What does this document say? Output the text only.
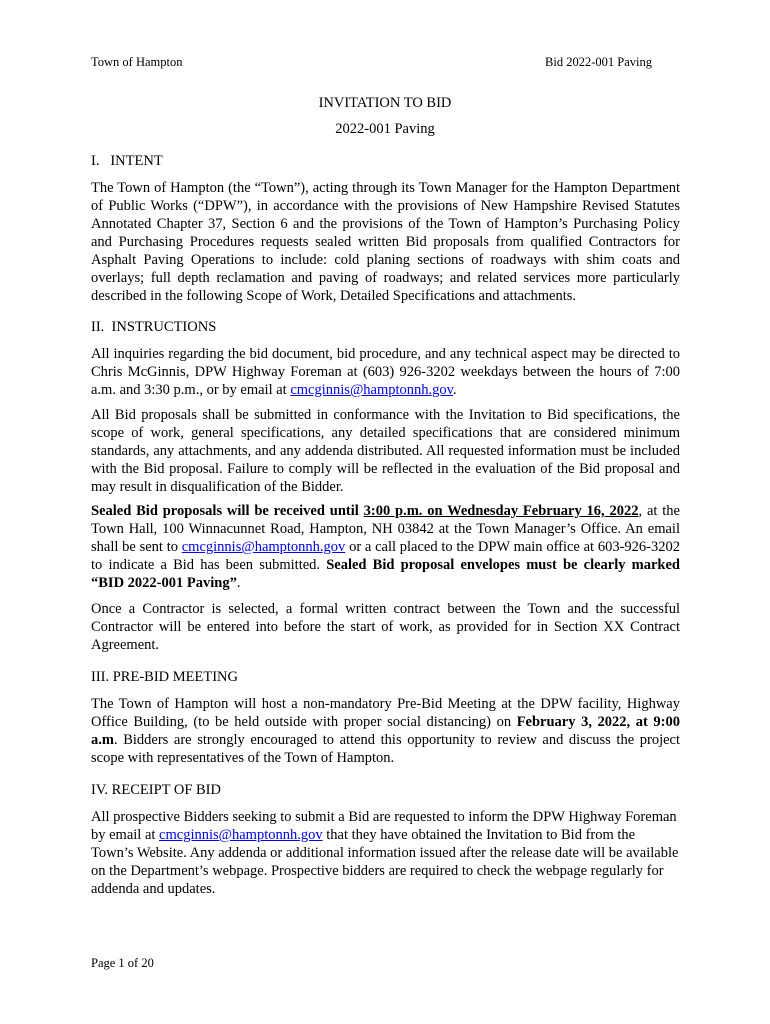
Town of Hampton	Bid 2022-001 Paving
INVITATION TO BID
2022-001 Paving
I.   INTENT

The Town of Hampton (the “Town”), acting through its Town Manager for the Hampton Department of Public Works (“DPW”), in accordance with the provisions of New Hampshire Revised Statutes Annotated Chapter 37, Section 6 and the provisions of the Town of Hampton’s Purchasing Policy and Purchasing Procedures requests sealed written Bid proposals from qualified Contractors for Asphalt Paving Operations to include: cold planing sections of roadways with shim coats and overlays; full depth reclamation and paving of roadways; and related services more particularly described in the following Scope of Work, Detailed Specifications and attachments.

II.  INSTRUCTIONS

All inquiries regarding the bid document, bid procedure, and any technical aspect may be directed to Chris McGinnis, DPW Highway Foreman at (603) 926-3202 weekdays between the hours of 7:00 a.m. and 3:30 p.m., or by email at cmcginnis@hamptonnh.gov.

All Bid proposals shall be submitted in conformance with the Invitation to Bid specifications, the scope of work, general specifications, any detailed specifications that are considered minimum standards, any attachments, and any addenda distributed. All requested information must be included with the Bid proposal. Failure to comply will be reflected in the evaluation of the Bid proposal and may result in disqualification of the Bidder.

Sealed Bid proposals will be received until 3:00 p.m. on Wednesday February 16, 2022, at the Town Hall, 100 Winnacunnet Road, Hampton, NH 03842 at the Town Manager’s Office. An email shall be sent to cmcginnis@hamptonnh.gov or a call placed to the DPW main office at 603-926-3202 to indicate a Bid has been submitted. Sealed Bid proposal envelopes must be clearly marked “BID 2022-001 Paving”.

Once a Contractor is selected, a formal written contract between the Town and the successful Contractor will be entered into before the start of work, as provided for in Section XX Contract Agreement.

III. PRE-BID MEETING

The Town of Hampton will host a non-mandatory Pre-Bid Meeting at the DPW facility, Highway Office Building, (to be held outside with proper social distancing) on February 3, 2022, at 9:00 a.m. Bidders are strongly encouraged to attend this opportunity to review and discuss the project scope with representatives of the Town of Hampton.

IV. RECEIPT OF BID

All prospective Bidders seeking to submit a Bid are requested to inform the DPW Highway Foreman by email at cmcginnis@hamptonnh.gov that they have obtained the Invitation to Bid from the Town’s Website. Any addenda or additional information issued after the release date will be available on the Department’s webpage. Prospective bidders are required to check the webpage regularly for addenda and updates.

Page 1 of 20
